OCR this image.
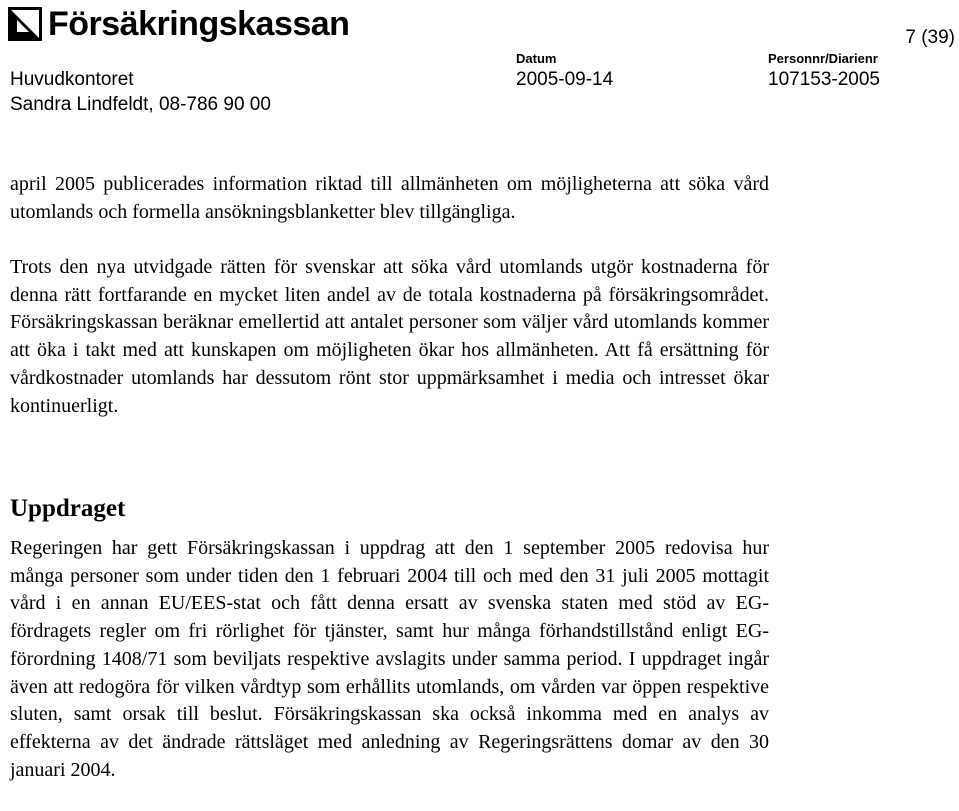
Försäkringskassan	7 (39)
Datum	Personnr/Diarienr
Huvudkontoret	2005-09-14	107153-2005
Sandra Lindfeldt, 08-786 90 00

april 2005 publicerades information riktad till allmänheten om möjligheterna att söka vård utomlands och formella ansökningsblanketter blev tillgängliga.

Trots den nya utvidgade rätten för svenskar att söka vård utomlands utgör kostnaderna för denna rätt fortfarande en mycket liten andel av de totala kostnaderna på försäkringsområdet. Försäkringskassan beräknar emellertid att antalet personer som väljer vård utomlands kommer att öka i takt med att kunskapen om möjligheten ökar hos allmänheten. Att få ersättning för vårdkostnader utomlands har dessutom rönt stor uppmärksamhet i media och intresset ökar kontinuerligt.

Uppdraget

Regeringen har gett Försäkringskassan i uppdrag att den 1 september 2005 redovisa hur många personer som under tiden den 1 februari 2004 till och med den 31 juli 2005 mottagit vård i en annan EU/EES-stat och fått denna ersatt av svenska staten med stöd av EG-fördragets regler om fri rörlighet för tjänster, samt hur många förhandstillstånd enligt EG-förordning 1408/71 som beviljats respektive avslagits under samma period. I uppdraget ingår även att redogöra för vilken vårdtyp som erhållits utomlands, om vården var öppen respektive sluten, samt orsak till beslut. Försäkringskassan ska också inkomma med en analys av effekterna av det ändrade rättsläget med anledning av Regeringsrättens domar av den 30 januari 2004.
